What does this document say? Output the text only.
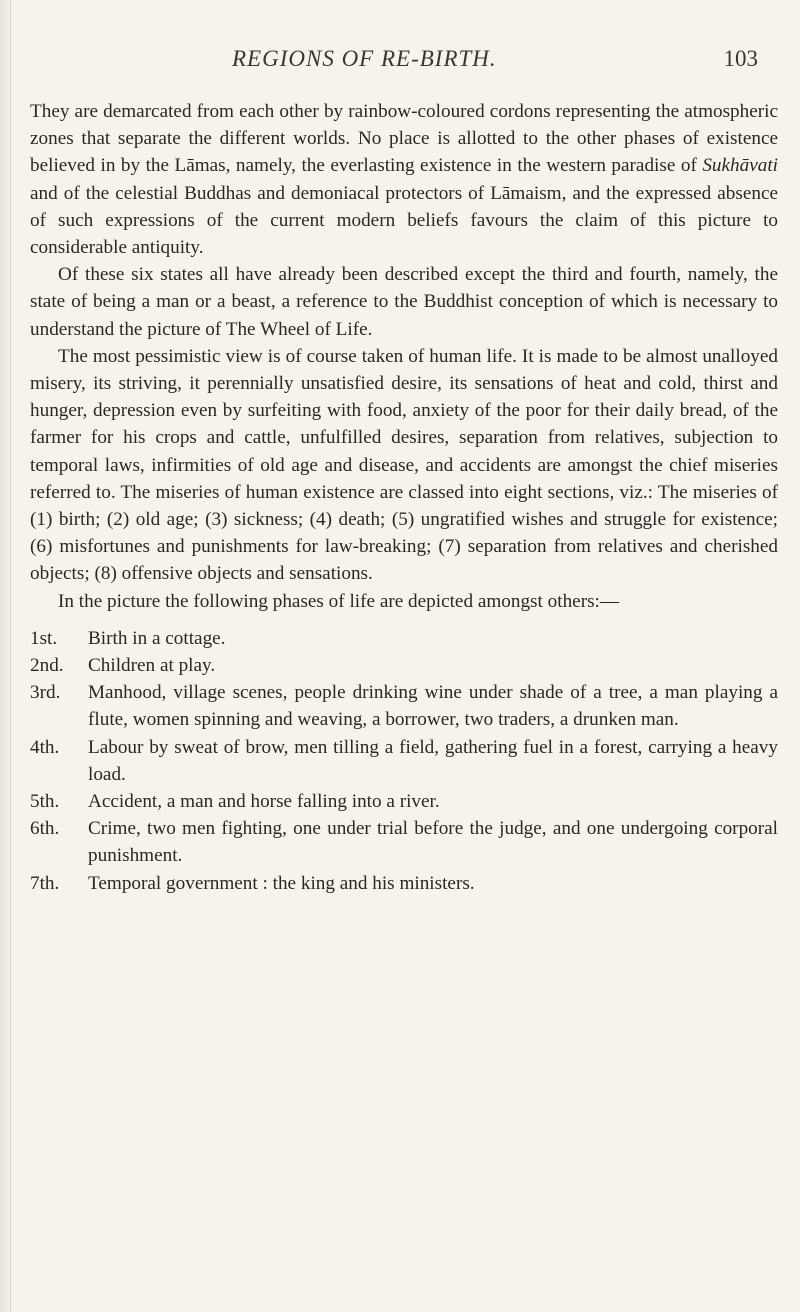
REGIONS OF RE-BIRTH.	103

They are demarcated from each other by rainbow-coloured cordons representing the atmospheric zones that separate the different worlds. No place is allotted to the other phases of existence believed in by the Lāmas, namely, the everlasting existence in the western paradise of Sukhāvati and of the celestial Buddhas and demoniacal protectors of Lāmaism, and the expressed absence of such expressions of the current modern beliefs favours the claim of this picture to considerable antiquity.

Of these six states all have already been described except the third and fourth, namely, the state of being a man or a beast, a reference to the Buddhist conception of which is necessary to understand the picture of The Wheel of Life.

The most pessimistic view is of course taken of human life. It is made to be almost unalloyed misery, its striving, it perennially unsatisfied desire, its sensations of heat and cold, thirst and hunger, depression even by surfeiting with food, anxiety of the poor for their daily bread, of the farmer for his crops and cattle, unfulfilled desires, separation from relatives, subjection to temporal laws, infirmities of old age and disease, and accidents are amongst the chief miseries referred to. The miseries of human existence are classed into eight sections, viz.: The miseries of (1) birth; (2) old age; (3) sickness; (4) death; (5) ungratified wishes and struggle for existence; (6) misfortunes and punishments for law-breaking; (7) separation from relatives and cherished objects; (8) offensive objects and sensations.

In the picture the following phases of life are depicted amongst others:—

1st.	Birth in a cottage.
2nd.	Children at play.
3rd.	Manhood, village scenes, people drinking wine under shade of a tree, a man playing a flute, women spinning and weaving, a borrower, two traders, a drunken man.
4th.	Labour by sweat of brow, men tilling a field, gathering fuel in a forest, carrying a heavy load.
5th.	Accident, a man and horse falling into a river.
6th.	Crime, two men fighting, one under trial before the judge, and one undergoing corporal punishment.
7th.	Temporal government : the king and his ministers.
